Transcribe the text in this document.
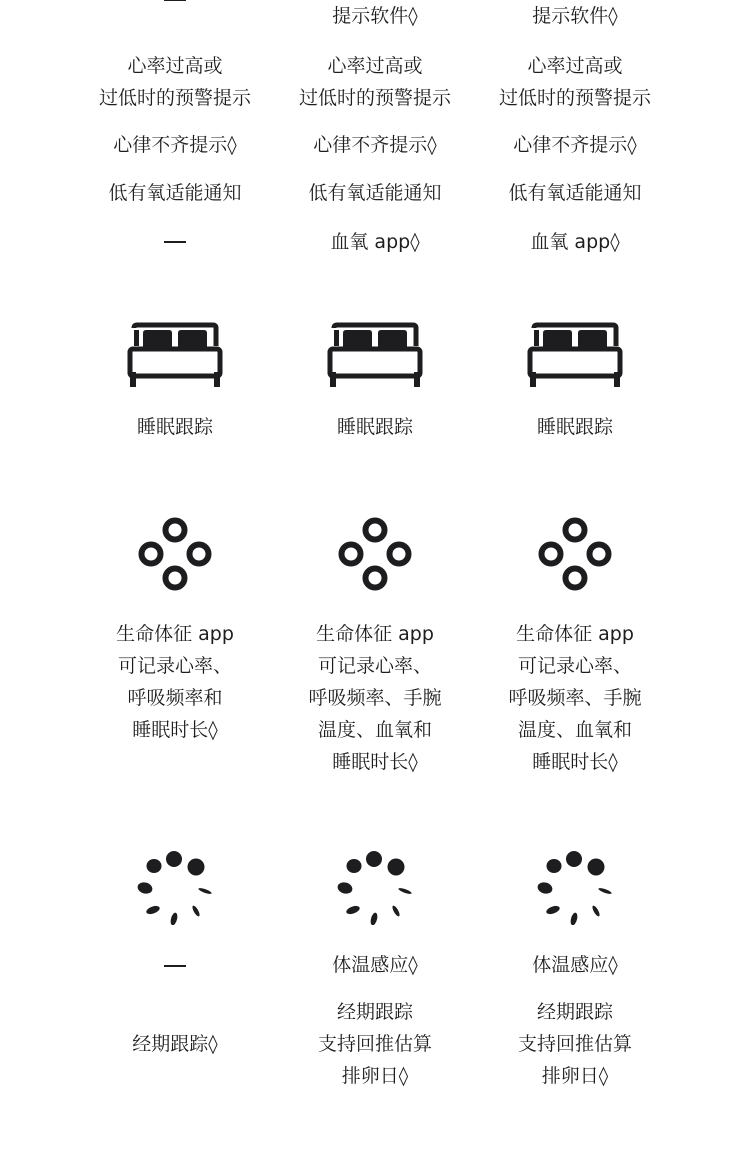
心率过高或
过低时的预警提示
心律不齐提示◊
低有氧适能通知
睡眠跟踪
生命体征 app
可记录心率、
呼吸频率和
睡眠时长◊
经期跟踪◊
提示软件◊
心率过高或
过低时的预警提示
心律不齐提示◊
低有氧适能通知
血氧 app◊
睡眠跟踪
生命体征 app
可记录心率、
呼吸频率、手腕
温度、血氧和
睡眠时长◊
体温感应◊
经期跟踪
支持回推估算
排卵日◊
提示软件◊
心率过高或
过低时的预警提示
心律不齐提示◊
低有氧适能通知
血氧 app◊
睡眠跟踪
生命体征 app
可记录心率、
呼吸频率、手腕
温度、血氧和
睡眠时长◊
体温感应◊
经期跟踪
支持回推估算
排卵日◊
